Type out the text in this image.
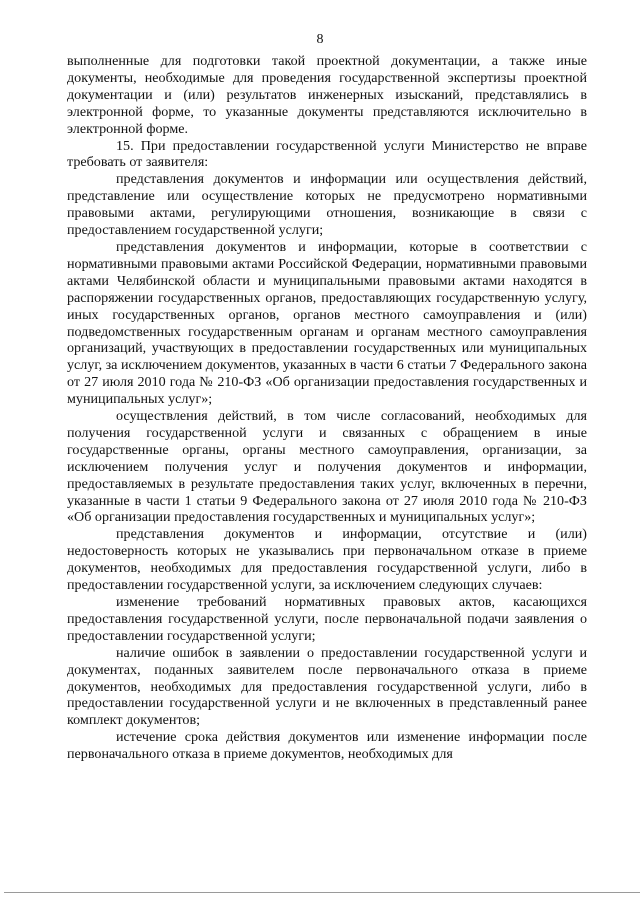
8

выполненные для подготовки такой проектной документации, а также иные документы, необходимые для проведения государственной экспертизы проектной документации и (или) результатов инженерных изысканий, представлялись в электронной форме, то указанные документы представляются исключительно в электронной форме.

15. При предоставлении государственной услуги Министерство не вправе требовать от заявителя:

представления документов и информации или осуществления действий, представление или осуществление которых не предусмотрено нормативными правовыми актами, регулирующими отношения, возникающие в связи с предоставлением государственной услуги;

представления документов и информации, которые в соответствии с нормативными правовыми актами Российской Федерации, нормативными правовыми актами Челябинской области и муниципальными правовыми актами находятся в распоряжении государственных органов, предоставляющих государственную услугу, иных государственных органов, органов местного самоуправления и (или) подведомственных государственным органам и органам местного самоуправления организаций, участвующих в предоставлении государственных или муниципальных услуг, за исключением документов, указанных в части 6 статьи 7 Федерального закона от 27 июля 2010 года № 210-ФЗ «Об организации предоставления государственных и муниципальных услуг»;

осуществления действий, в том числе согласований, необходимых для получения государственной услуги и связанных с обращением в иные государственные органы, органы местного самоуправления, организации, за исключением получения услуг и получения документов и информации, предоставляемых в результате предоставления таких услуг, включенных в перечни, указанные в части 1 статьи 9 Федерального закона от 27 июля 2010 года № 210-ФЗ «Об организации предоставления государственных и муниципальных услуг»;

представления документов и информации, отсутствие и (или) недостоверность которых не указывались при первоначальном отказе в приеме документов, необходимых для предоставления государственной услуги, либо в предоставлении государственной услуги, за исключением следующих случаев:

изменение требований нормативных правовых актов, касающихся предоставления государственной услуги, после первоначальной подачи заявления о предоставлении государственной услуги;

наличие ошибок в заявлении о предоставлении государственной услуги и документах, поданных заявителем после первоначального отказа в приеме документов, необходимых для предоставления государственной услуги, либо в предоставлении государственной услуги и не включенных в представленный ранее комплект документов;

истечение срока действия документов или изменение информации после первоначального отказа в приеме документов, необходимых для
